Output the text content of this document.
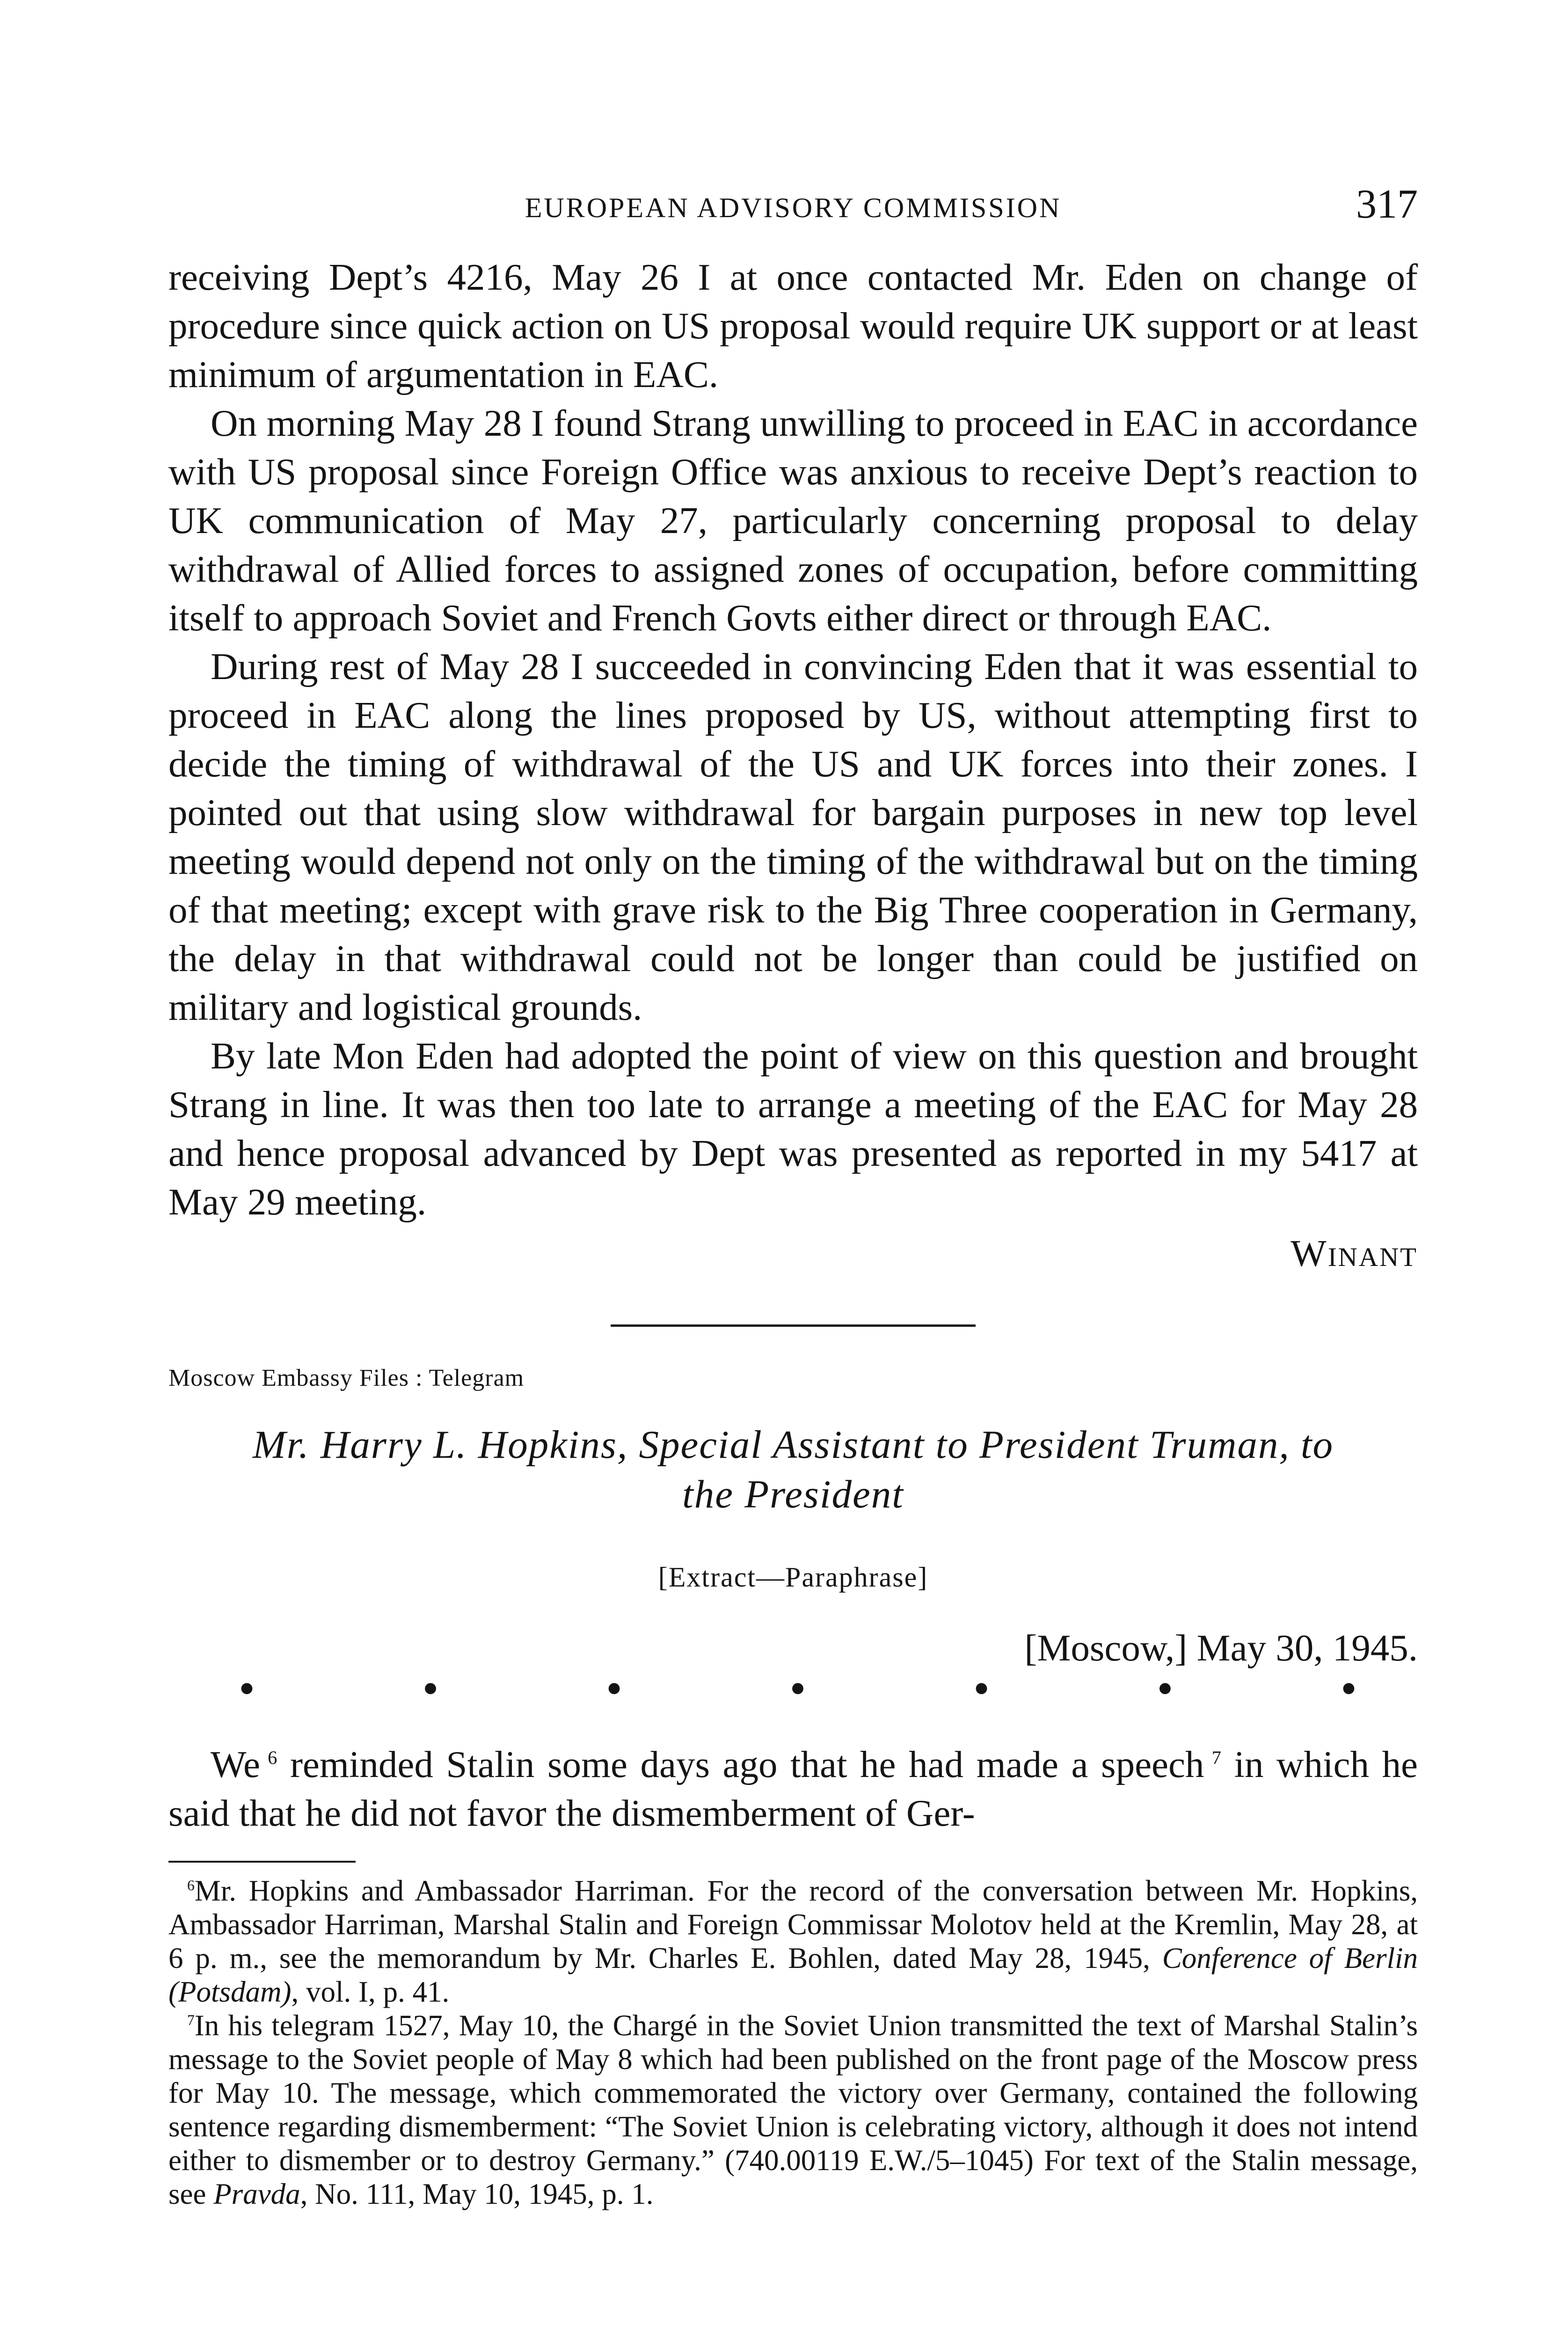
EUROPEAN ADVISORY COMMISSION	317

receiving Dept’s 4216, May 26 I at once contacted Mr. Eden on change of procedure since quick action on US proposal would require UK support or at least minimum of argumentation in EAC.

On morning May 28 I found Strang unwilling to proceed in EAC in accordance with US proposal since Foreign Office was anxious to receive Dept’s reaction to UK communication of May 27, particularly concerning proposal to delay withdrawal of Allied forces to assigned zones of occupation, before committing itself to approach Soviet and French Govts either direct or through EAC.

During rest of May 28 I succeeded in convincing Eden that it was essential to proceed in EAC along the lines proposed by US, without attempting first to decide the timing of withdrawal of the US and UK forces into their zones. I pointed out that using slow withdrawal for bargain purposes in new top level meeting would depend not only on the timing of the withdrawal but on the timing of that meeting; except with grave risk to the Big Three cooperation in Germany, the delay in that withdrawal could not be longer than could be justified on military and logistical grounds.

By late Mon Eden had adopted the point of view on this question and brought Strang in line. It was then too late to arrange a meeting of the EAC for May 28 and hence proposal advanced by Dept was presented as reported in my 5417 at May 29 meeting.

Winant
Moscow Embassy Files : Telegram
Mr. Harry L. Hopkins, Special Assistant to President Truman, to
the President
[Extract—Paraphrase]
[Moscow,] May 30, 1945.
•	•	•	•	•	•	•

We  $^6$ reminded Stalin some days ago that he had made a speech  $^7$ in which he said that he did not favor the dismemberment of Ger-

$^6$Mr. Hopkins and Ambassador Harriman. For the record of the conversation between Mr. Hopkins, Ambassador Harriman, Marshal Stalin and Foreign Commissar Molotov held at the Kremlin, May 28, at 6 p. m., see the memorandum by Mr. Charles E. Bohlen, dated May 28, 1945, Conference of Berlin (Potsdam), vol. I, p. 41.

$^7$In his telegram 1527, May 10, the Chargé in the Soviet Union transmitted the text of Marshal Stalin’s message to the Soviet people of May 8 which had been published on the front page of the Moscow press for May 10. The message, which commemorated the victory over Germany, contained the following sentence regarding dismemberment: “The Soviet Union is celebrating victory, although it does not intend either to dismember or to destroy Germany.” (740.00119 E.W./5–1045) For text of the Stalin message, see Pravda, No. 111, May 10, 1945, p. 1.
